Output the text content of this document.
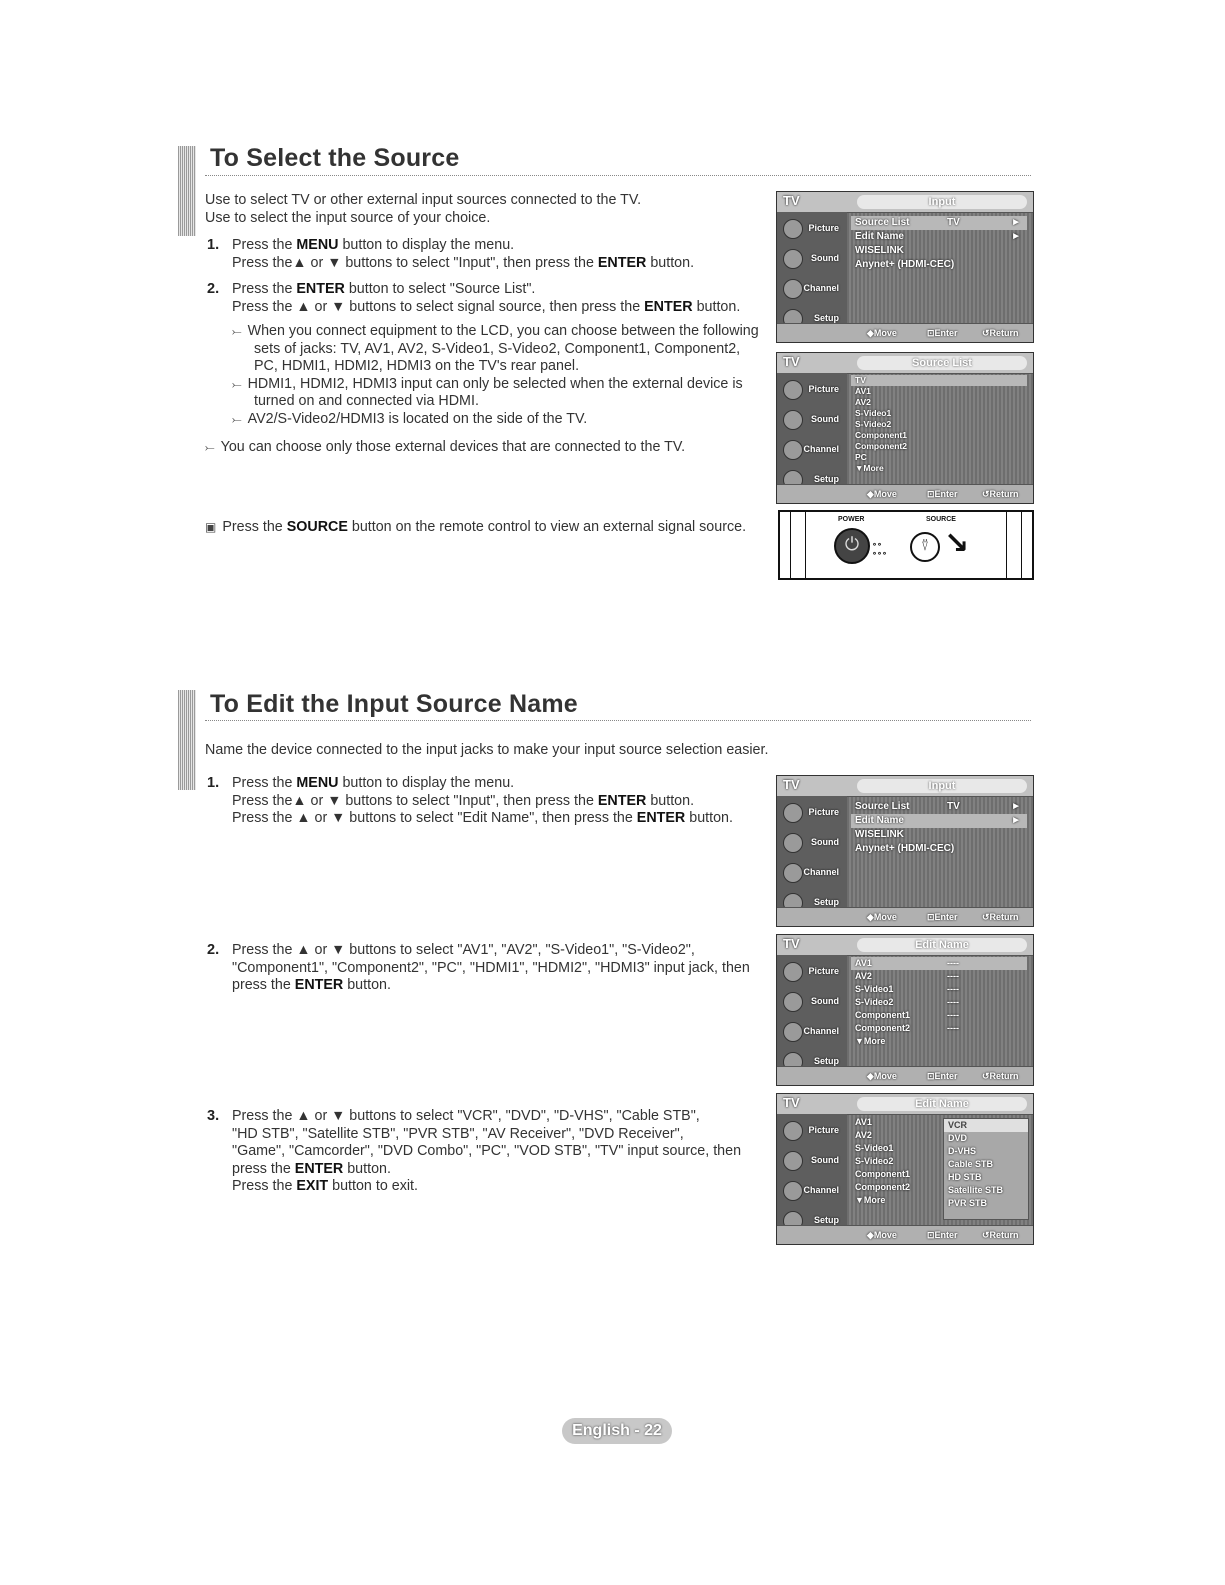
To Select the Source
Use to select TV or other external input sources connected to the TV.
Use to select the input source of your choice.
1. Press the MENU button to display the menu.
Press the▲ or ▼ buttons to select "Input", then press the ENTER button.
2. Press the ENTER button to select "Source List".
Press the ▲ or ▼ buttons to select signal source, then press the ENTER button.
⤚ When you connect equipment to the LCD, you can choose between the following sets of jacks: TV, AV1, AV2, S-Video1, S-Video2, Component1, Component2, PC, HDMI1, HDMI2, HDMI3 on the TV's rear panel.
⤚ HDMI1, HDMI2, HDMI3 input can only be selected when the external device is turned on and connected via HDMI.
⤚ AV2/S-Video2/HDMI3 is located on the side of the TV.
⤚ You can choose only those external devices that are connected to the TV.
▣ Press the SOURCE button on the remote control to view an external signal source.
TV	Input
Picture
Sound
Channel
Setup
Source List	TV	►
Edit Name	►
WISELINK
Anynet+ (HDMI-CEC)
◆ Move	⊡ Enter	↺ Return
TV	Source List
Picture
Sound
Channel
Setup
TV
AV1
AV2
S-Video1
S-Video2
Component1
Component2
PC
▼More
◆ Move	⊡ Enter	↺ Return
POWER	SOURCE
⏻	∘∘
∘∘∘	⍢ ↘
To Edit the Input Source Name
Name the device connected to the input jacks to make your input source selection easier.
1. Press the MENU button to display the menu.
Press the▲ or ▼ buttons to select "Input", then press the ENTER button.
Press the ▲ or ▼ buttons to select "Edit Name", then press the ENTER button.
2. Press the ▲ or ▼ buttons to select "AV1", "AV2", "S-Video1", "S-Video2",
"Component1", "Component2", "PC", "HDMI1", "HDMI2", "HDMI3" input jack, then
press the ENTER button.
3. Press the ▲ or ▼ buttons to select "VCR", "DVD", "D-VHS", "Cable STB",
"HD STB", "Satellite STB", "PVR STB", "AV Receiver", "DVD Receiver",
"Game", "Camcorder", "DVD Combo", "PC", "VOD STB", "TV" input source, then
press the ENTER button.
Press the EXIT button to exit.
TV	Input
Picture
Sound
Channel
Setup
Source List	TV	►
Edit Name	►
WISELINK
Anynet+ (HDMI-CEC)
◆ Move	⊡ Enter	↺ Return
TV	Edit Name
Picture
Sound
Channel
Setup
AV1	----
AV2	----
S-Video1	----
S-Video2	----
Component1	----
Component2	----
▼More
◆ Move	⊡ Enter	↺ Return
TV	Edit Name
Picture
Sound
Channel
Setup
AV1
AV2
S-Video1
S-Video2
Component1
Component2
▼More
VCR
DVD
D-VHS
Cable STB
HD STB
Satellite STB
PVR STB
◆ Move	⊡ Enter	↺ Return
English - 22
